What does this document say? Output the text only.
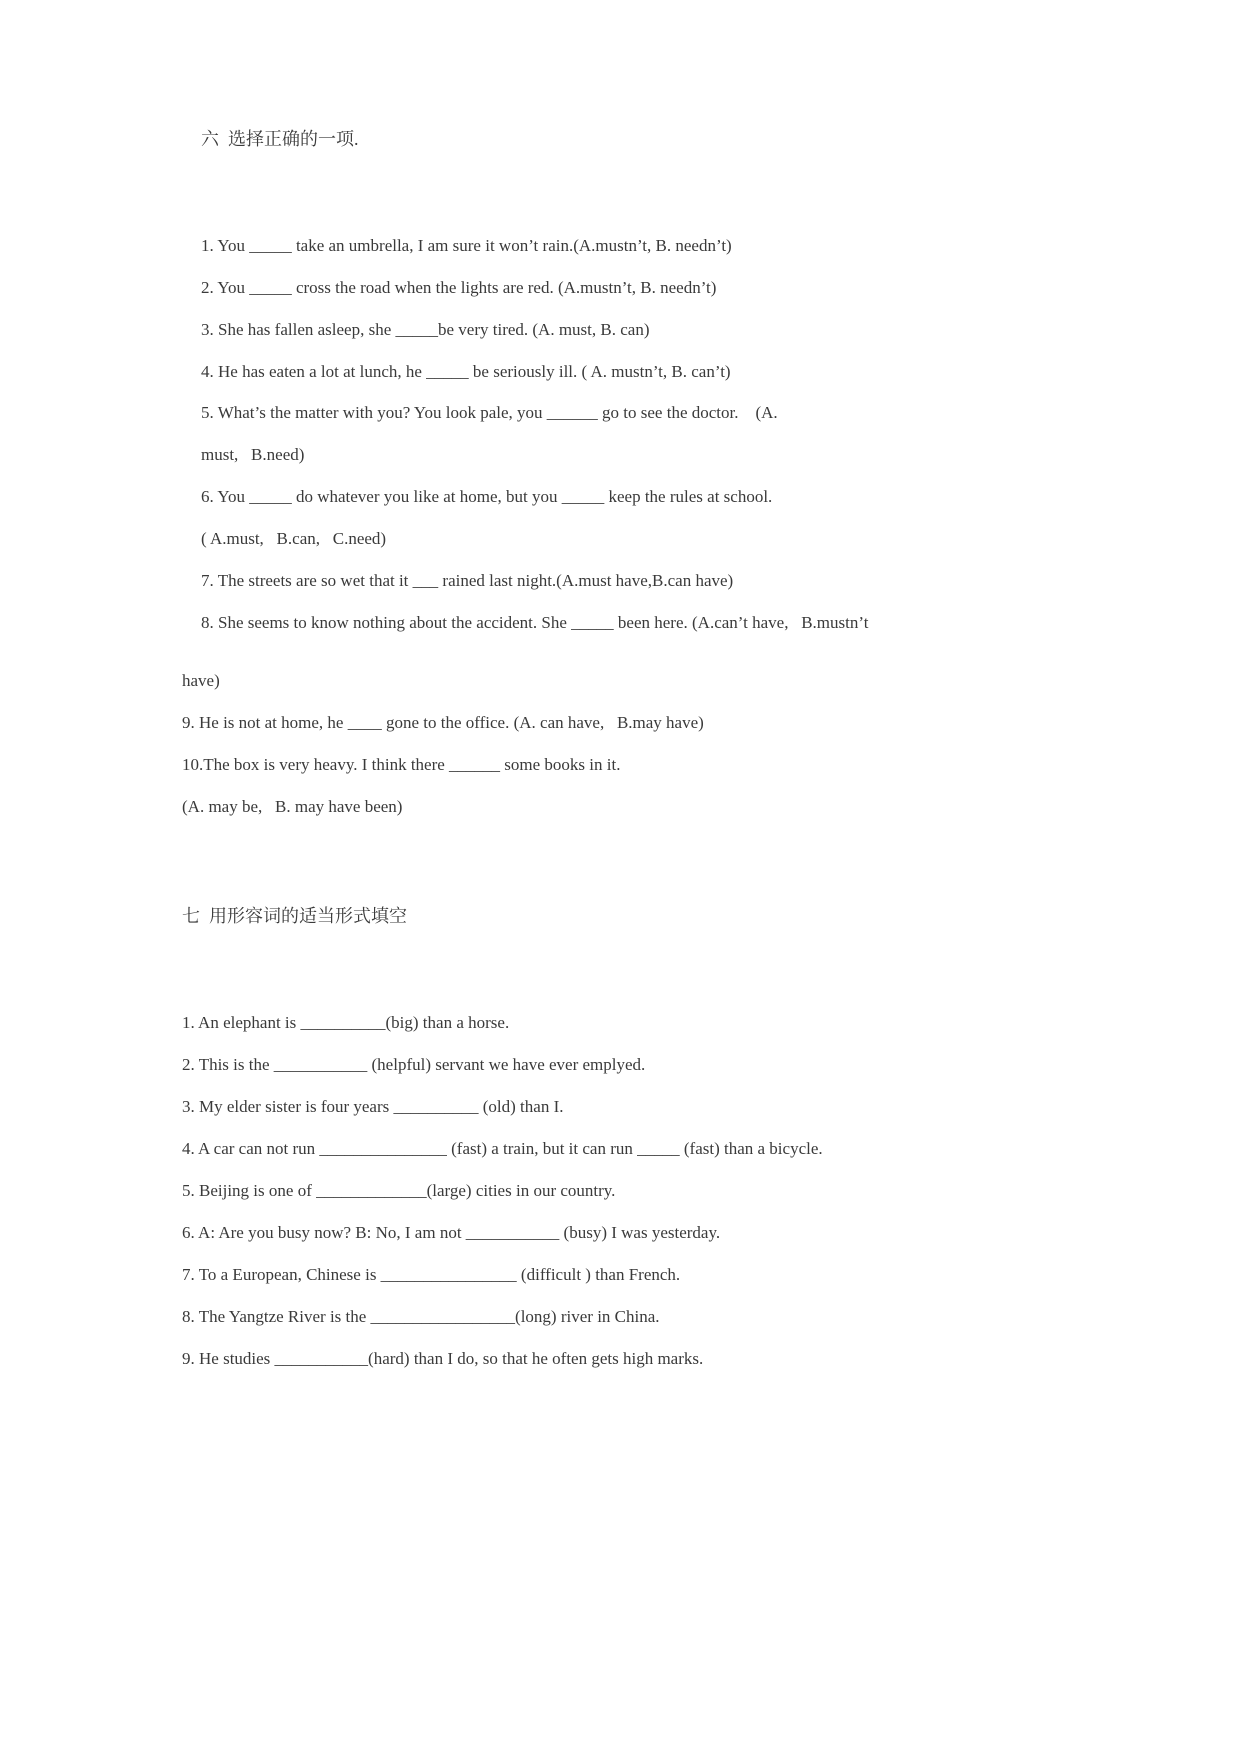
六  选择正确的一项.
1. You _____ take an umbrella, I am sure it won’t rain.(A.mustn’t, B. needn’t)
2. You _____ cross the road when the lights are red. (A.mustn’t, B. needn’t)
3. She has fallen asleep, she _____be very tired. (A. must, B. can)
4. He has eaten a lot at lunch, he _____ be seriously ill. ( A. mustn’t, B. can’t)
5. What’s the matter with you? You look pale, you ______ go to see the doctor.    (A.
must,   B.need)
6. You _____ do whatever you like at home, but you _____ keep the rules at school.
( A.must,   B.can,   C.need)
7. The streets are so wet that it ___ rained last night.(A.must have,B.can have)
8. She seems to know nothing about the accident. She _____ been here. (A.can’t have,   B.mustn’t
have)
9. He is not at home, he ____ gone to the office. (A. can have,   B.may have)
10.The box is very heavy. I think there ______ some books in it.
(A. may be,   B. may have been)
七  用形容词的适当形式填空
1. An elephant is __________(big) than a horse.
2. This is the ___________ (helpful) servant we have ever emplyed.
3. My elder sister is four years __________ (old) than I.
4. A car can not run _______________ (fast) a train, but it can run _____ (fast) than a bicycle.
5. Beijing is one of _____________(large) cities in our country.
6. A: Are you busy now? B: No, I am not ___________ (busy) I was yesterday.
7. To a European, Chinese is ________________ (difficult ) than French.
8. The Yangtze River is the _________________(long) river in China.
9. He studies ___________(hard) than I do, so that he often gets high marks.
